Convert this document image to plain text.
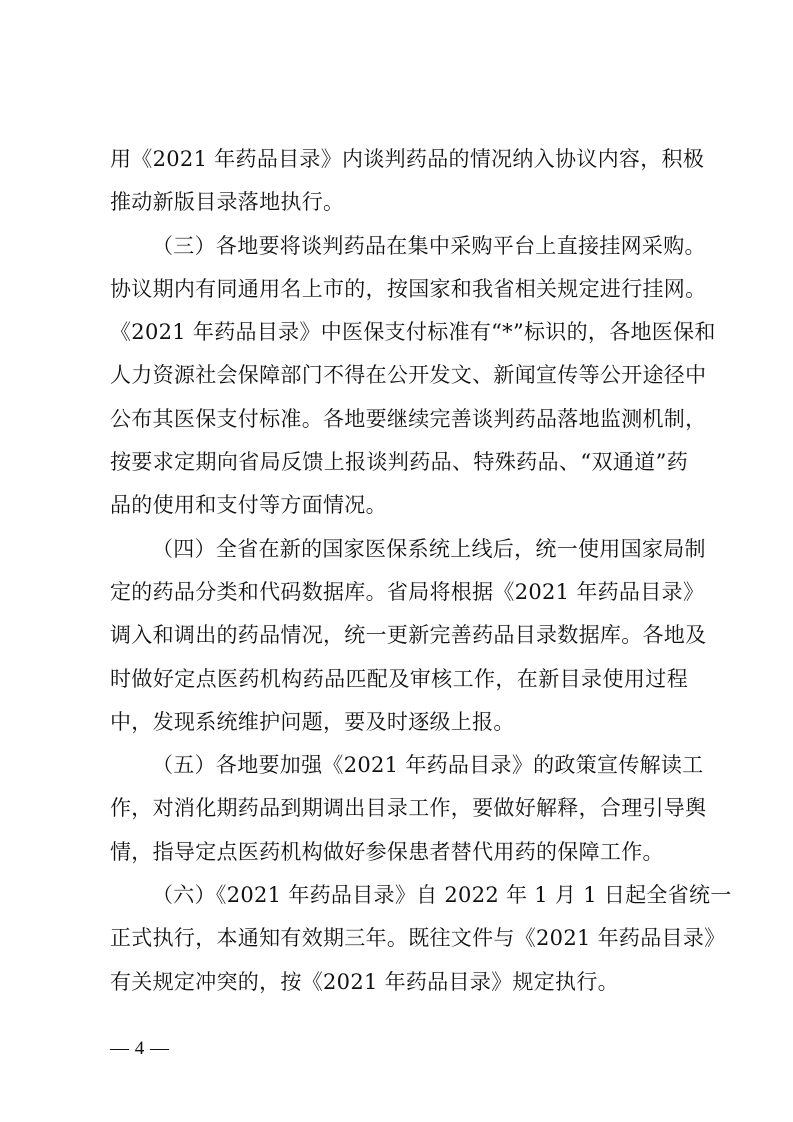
用《2021 年药品目录》内谈判药品的情况纳入协议内容，积极
推动新版目录落地执行。
（三）各地要将谈判药品在集中采购平台上直接挂网采购。
协议期内有同通用名上市的，按国家和我省相关规定进行挂网。
《2021 年药品目录》中医保支付标准有“*”标识的，各地医保和
人力资源社会保障部门不得在公开发文、新闻宣传等公开途径中
公布其医保支付标准。各地要继续完善谈判药品落地监测机制，
按要求定期向省局反馈上报谈判药品、特殊药品、“双通道”药
品的使用和支付等方面情况。
（四）全省在新的国家医保系统上线后，统一使用国家局制
定的药品分类和代码数据库。省局将根据《2021 年药品目录》
调入和调出的药品情况，统一更新完善药品目录数据库。各地及
时做好定点医药机构药品匹配及审核工作，在新目录使用过程
中，发现系统维护问题，要及时逐级上报。
（五）各地要加强《2021 年药品目录》的政策宣传解读工
作，对消化期药品到期调出目录工作，要做好解释，合理引导舆
情，指导定点医药机构做好参保患者替代用药的保障工作。
（六）《2021 年药品目录》自 2022 年 1 月 1 日起全省统一
正式执行，本通知有效期三年。既往文件与《2021 年药品目录》
有关规定冲突的，按《2021 年药品目录》规定执行。
— 4 —
